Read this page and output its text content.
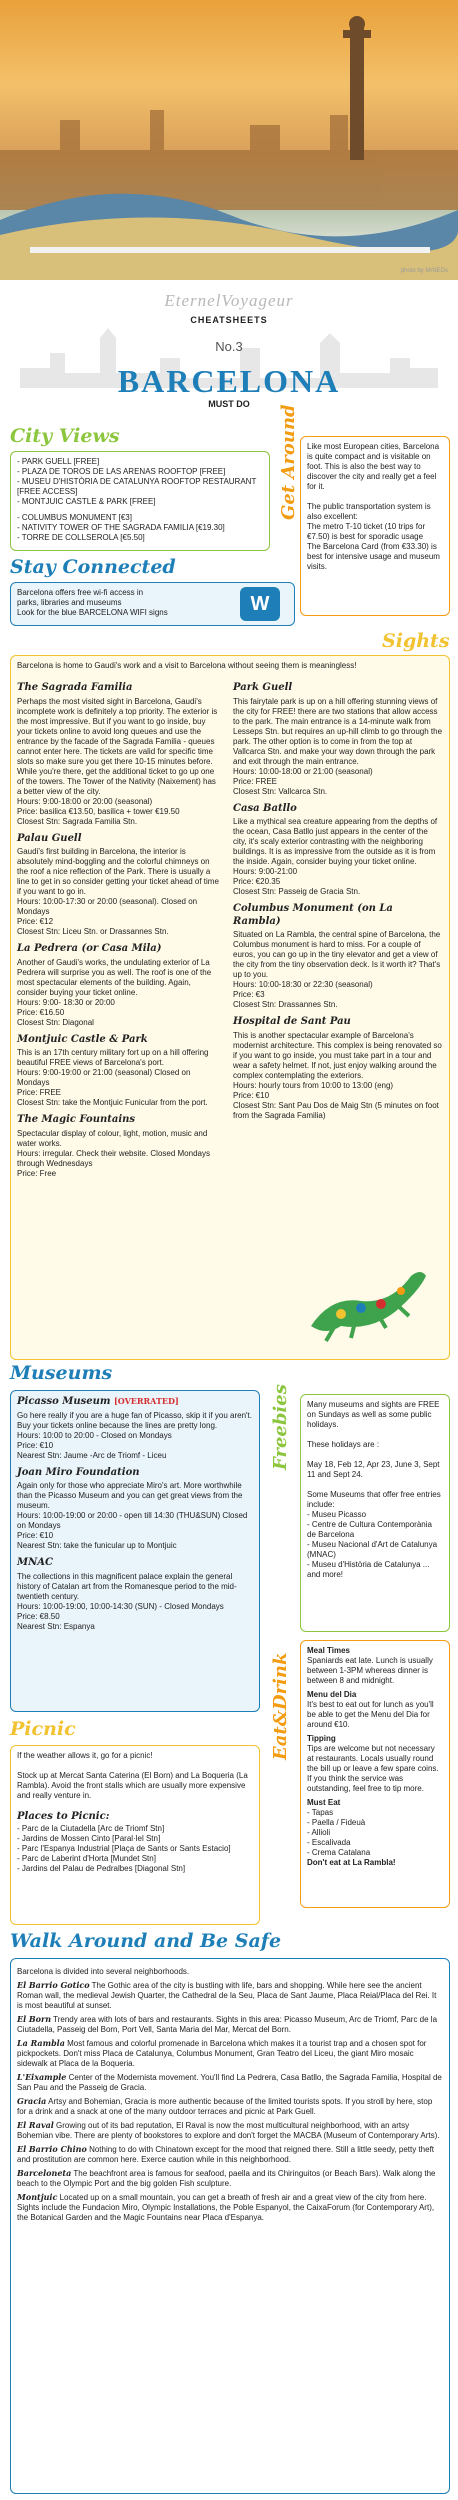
photo by MrNEDs
EternelVoyageur
CHEATSHEETS
No.3
BARCELONA
MUST DO
City Views
- PARK GUELL [FREE]
- PLAZA DE TOROS DE LAS ARENAS ROOFTOP [FREE]
- MUSEU D'HISTÒRIA DE CATALUNYA ROOFTOP RESTAURANT [FREE ACCESS]
- MONTJUIC CASTLE & PARK [FREE]
- COLUMBUS MONUMENT [€3]
- NATIVITY TOWER OF THE SAGRADA FAMILIA [€19.30]
- TORRE DE COLLSEROLA [€5.50]
Get Around Like most European cities, Barcelona is quite compact and is visitable on foot. This is also the best way to discover the city and really get a feel for it.

The public transportation system is also excellent:

The metro T-10 ticket (10 trips for €7.50) is best for sporadic usage

The Barcelona Card (from €33.30) is best for intensive usage and museum visits.

Stay Connected
Barcelona offers free wi-fi access in
parks, libraries and museums
Look for the blue BARCELONA WIFI signs	W
Sights

Barcelona is home to Gaudi's work and a visit to Barcelona without seeing them is meaningless!

The Sagrada Familia

Perhaps the most visited sight in Barcelona, Gaudi's incomplete work is definitely a top priority. The exterior is the most impressive. But if you want to go inside, buy your tickets online to avoid long queues and use the entrance by the facade of the Sagrada Familia - queues cannot enter here. The tickets are valid for specific time slots so make sure you get there 10-15 minutes before. While you're there, get the additional ticket to go up one of the towers. The Tower of the Nativity (Naixement) has a better view of the city.

Hours: 9:00-18:00 or 20:00 (seasonal)

Price: basilica €13.50, basilica + tower €19.50

Closest Stn: Sagrada Familia Stn.

Palau Guell

Gaudi's first building in Barcelona, the interior is absolutely mind-boggling and the colorful chimneys on the roof a nice reflection of the Park. There is usually a line to get in so consider getting your ticket ahead of time if you want to go in.

Hours: 10:00-17:30 or 20:00 (seasonal). Closed on Mondays

Price: €12

Closest Stn: Liceu Stn. or Drassannes Stn.

La Pedrera (or Casa Mila)

Another of Gaudi's works, the undulating exterior of La Pedrera will surprise you as well. The roof is one of the most spectacular elements of the building. Again, consider buying your ticket online.

Hours: 9:00- 18:30 or 20:00

Price: €16.50

Closest Stn: Diagonal

Montjuic Castle & Park

This is an 17th century military fort up on a hill offering beautiful FREE views of Barcelona's port.

Hours: 9:00-19:00 or 21:00 (seasonal) Closed on Mondays

Price: FREE

Closest Stn: take the Montjuic Funicular from the port.

The Magic Fountains

Spectacular display of colour, light, motion, music and water works.

Hours: irregular. Check their website. Closed Mondays through Wednesdays

Price: Free

Park Guell

This fairytale park is up on a hill offering stunning views of the city for FREE! there are two stations that allow access to the park. The main entrance is a 14-minute walk from Lesseps Stn. but requires an up-hill climb to go through the park. The other option is to come in from the top at Vallcarca Stn. and make your way down through the park and exit through the main entrance.

Hours: 10:00-18:00 or 21:00 (seasonal)

Price: FREE

Closest Stn: Vallcarca Stn.

Casa Batllo

Like a mythical sea creature appearing from the depths of the ocean, Casa Batllo just appears in the center of the city, it's scaly exterior contrasting with the neighboring buildings. It is as impressive from the outside as it is from the inside. Again, consider buying your ticket online.

Hours: 9:00-21:00

Price: €20.35

Closest Stn: Passeig de Gracia Stn.

Columbus Monument (on La Rambla)

Situated on La Rambla, the central spine of Barcelona, the Columbus monument is hard to miss. For a couple of euros, you can go up in the tiny elevator and get a view of the city from the tiny observation deck. Is it worth it? That's up to you.

Hours: 10:00-18:30 or 22:30 (seasonal)

Price: €3

Closest Stn: Drassannes Stn.

Hospital de Sant Pau

This is another spectacular example of Barcelona's modernist architecture. This complex is being renovated so if you want to go inside, you must take part in a tour and wear a safety helmet. If not, just enjoy walking around the complex contemplating the exteriors.

Hours: hourly tours from 10:00 to 13:00 (eng)

Price: €10

Closest Stn: Sant Pau Dos de Maig Stn (5 minutes on foot from the Sagrada Familia)

Museums
Picasso Museum [OVERRATED]

Go here really if you are a huge fan of Picasso, skip it if you aren't. Buy your tickets online because the lines are pretty long.

Hours: 10:00 to 20:00 - Closed on Mondays

Price: €10

Nearest Stn: Jaume -Arc de Triomf - Liceu

Joan Miro Foundation

Again only for those who appreciate Miro's art. More worthwhile than the Picasso Museum and you can get great views from the museum.

Hours: 10:00-19:00 or 20:00 - open till 14:30 (THU&SUN) Closed on Mondays

Price: €10

Nearest Stn: take the funicular up to Montjuic

MNAC

The collections in this magnificent palace explain the general history of Catalan art from the Romanesque period to the mid-twentieth century.

Hours: 10:00-19:00, 10:00-14:30 (SUN) - Closed Mondays

Price: €8.50

Nearest Stn: Espanya

Freebies Many museums and sights are FREE on Sundays as well as some public holidays.

These holidays are :

May 18, Feb 12, Apr 23, June 3, Sept 11 and Sept 24.

Some Museums that offer free entries include:

- Museu Picasso

- Centre de Cultura Contemporània de Barcelona

- Museu Nacional d'Art de Catalunya (MNAC)

- Museu d'Història de Catalunya ... and more!

Eat&Drink

Meal Times

Spaniards eat late. Lunch is usually between 1-3PM whereas dinner is between 8 and midnight.

Menu del Dia

It's best to eat out for lunch as you'll be able to get the Menu del Dia for around €10.

Tipping

Tips are welcome but not necessary at restaurants. Locals usually round the bill up or leave a few spare coins. If you think the service was outstanding, feel free to tip more.

Must Eat

- Tapas

- Paella / Fideuà

- Allioli

- Escalivada

- Crema Catalana

Don't eat at La Rambla!

Picnic

If the weather allows it, go for a picnic!

Stock up at Mercat Santa Caterina (El Born) and La Boqueria (La Rambla). Avoid the front stalls which are usually more expensive and really venture in.

Places to Picnic:

- Parc de la Ciutadella [Arc de Triomf Stn]

- Jardins de Mossen Cinto [Paral·lel Stn]

- Parc l'Espanya Industrial [Plaça de Sants or Sants Estacio]

- Parc de Laberint d'Horta [Mundet Stn]

- Jardins del Palau de Pedralbes [Diagonal Stn]

Walk Around and Be Safe

Barcelona is divided into several neighborhoods.

El Barrio Gotico The Gothic area of the city is bustling with life, bars and shopping. While here see the ancient Roman wall, the medieval Jewish Quarter, the Cathedral de la Seu, Placa de Sant Jaume, Placa Reial/Placa del Rei. It is most beautiful at sunset.

El Born Trendy area with lots of bars and restaurants. Sights in this area: Picasso Museum, Arc de Triomf, Parc de la Ciutadella, Passeig del Born, Port Vell, Santa Maria del Mar, Mercat del Born.

La Rambla Most famous and colorful promenade in Barcelona which makes it a tourist trap and a chosen spot for pickpockets. Don't miss Placa de Catalunya, Columbus Monument, Gran Teatro del Liceu, the giant Miro mosaic sidewalk at Placa de la Boqueria.

L'Eixample Center of the Modernista movement. You'll find La Pedrera, Casa Batllo, the Sagrada Familia, Hospital de San Pau and the Passeig de Gracia.

Gracia Artsy and Bohemian, Gracia is more authentic because of the limited tourists spots. If you stroll by here, stop for a drink and a snack at one of the many outdoor terraces and picnic at Park Guell.

El Raval Growing out of its bad reputation, El Raval is now the most multicultural neighborhood, with an artsy Bohemian vibe. There are plenty of bookstores to explore and don't forget the MACBA (Museum of Contemporary Arts).

El Barrio Chino Nothing to do with Chinatown except for the mood that reigned there. Still a little seedy, petty theft and prostitution are common here. Exerce caution while in this neighborhood.

Barceloneta The beachfront area is famous for seafood, paella and its Chiringuitos (or Beach Bars). Walk along the beach to the Olympic Port and the big golden Fish sculpture.

Montjuic Located up on a small mountain, you can get a breath of fresh air and a great view of the city from here. Sights include the Fundacion Miro, Olympic Installations, the Poble Espanyol, the CaixaForum (for Contemporary Art), the Botanical Garden and the Magic Fountains near Placa d'Espanya.
